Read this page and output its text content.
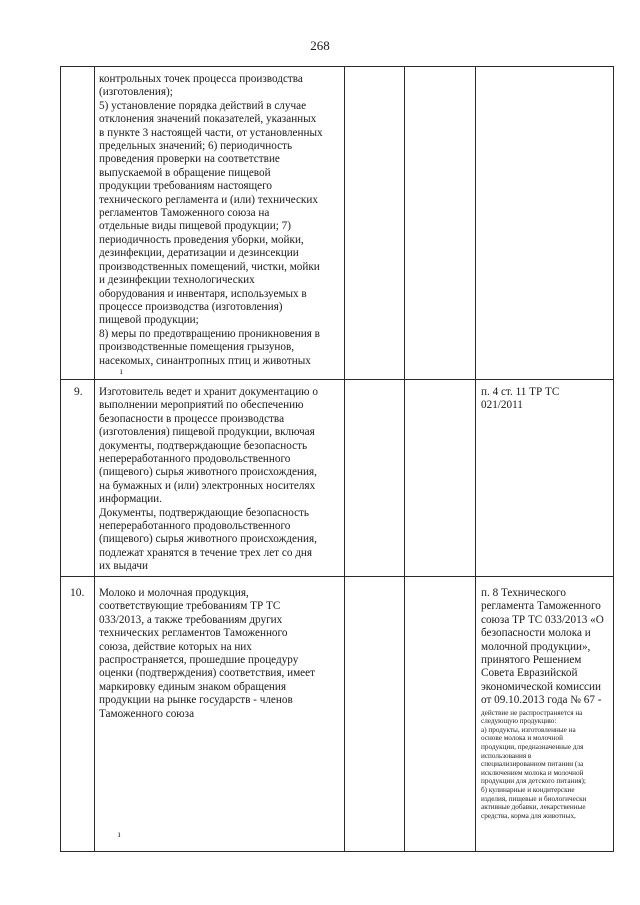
268

контрольных точек процесса производства
(изготовления);

5) установление порядка действий в случае
отклонения значений показателей, указанных
в пункте 3 настоящей части, от установленных
предельных значений; 6) периодичность
проведения проверки на соответствие
выпускаемой в обращение пищевой
продукции требованиям настоящего
технического регламента и (или) технических
регламентов Таможенного союза на
отдельные виды пищевой продукции; 7)
периодичность проведения уборки, мойки,
дезинфекции, дератизации и дезинсекции
производственных помещений, чистки, мойки
и дезинфекции технологических
оборудования и инвентаря, используемых в
процессе производства (изготовления)
пищевой продукции;

8) меры по предотвращению проникновения в
производственные помещения грызунов,
насекомых, синантропных птиц и животных

9. Изготовитель ведет и хранит документацию о
выполнении мероприятий по обеспечению
безопасности в процессе производства
(изготовления) пищевой продукции, включая
документы, подтверждающие безопасность
непереработанного продовольственного
(пищевого) сырья животного происхождения,
на бумажных и (или) электронных носителях
информации.

Документы, подтверждающие безопасность
непереработанного продовольственного
(пищевого) сырья животного происхождения,
подлежат хранятся в течение трех лет со дня
их выдачи

п. 4 ст. 11 ТР ТС
021/2011

10. Молоко и молочная продукция,
соответствующие требованиям ТР ТС
033/2013, а также требованиям других
технических регламентов Таможенного
союза, действие которых на них
распространяется, прошедшие процедуру
оценки (подтверждения) соответствия, имеет
маркировку единым знаком обращения
продукции на рынке государств - членов
Таможенного союза

п. 8 Технического
регламента Таможенного
союза ТР ТС 033/2013 «О
безопасности молока и
молочной продукции»,
принятого Решением
Совета Евразийской
экономической комиссии
от 09.10.2013 года № 67 -

действие не распространяется на
следующую продукцию:
а) продукты, изготовленные на
основе молока и молочной
продукции, предназначенные для
использования в
специализированном питании (за
исключением молока и молочной
продукции для детского питания);
б) кулинарные и кондитерские
изделия, пищевые и биологически
активные добавки, лекарственные
средства, корма для животных,

ı
ı
